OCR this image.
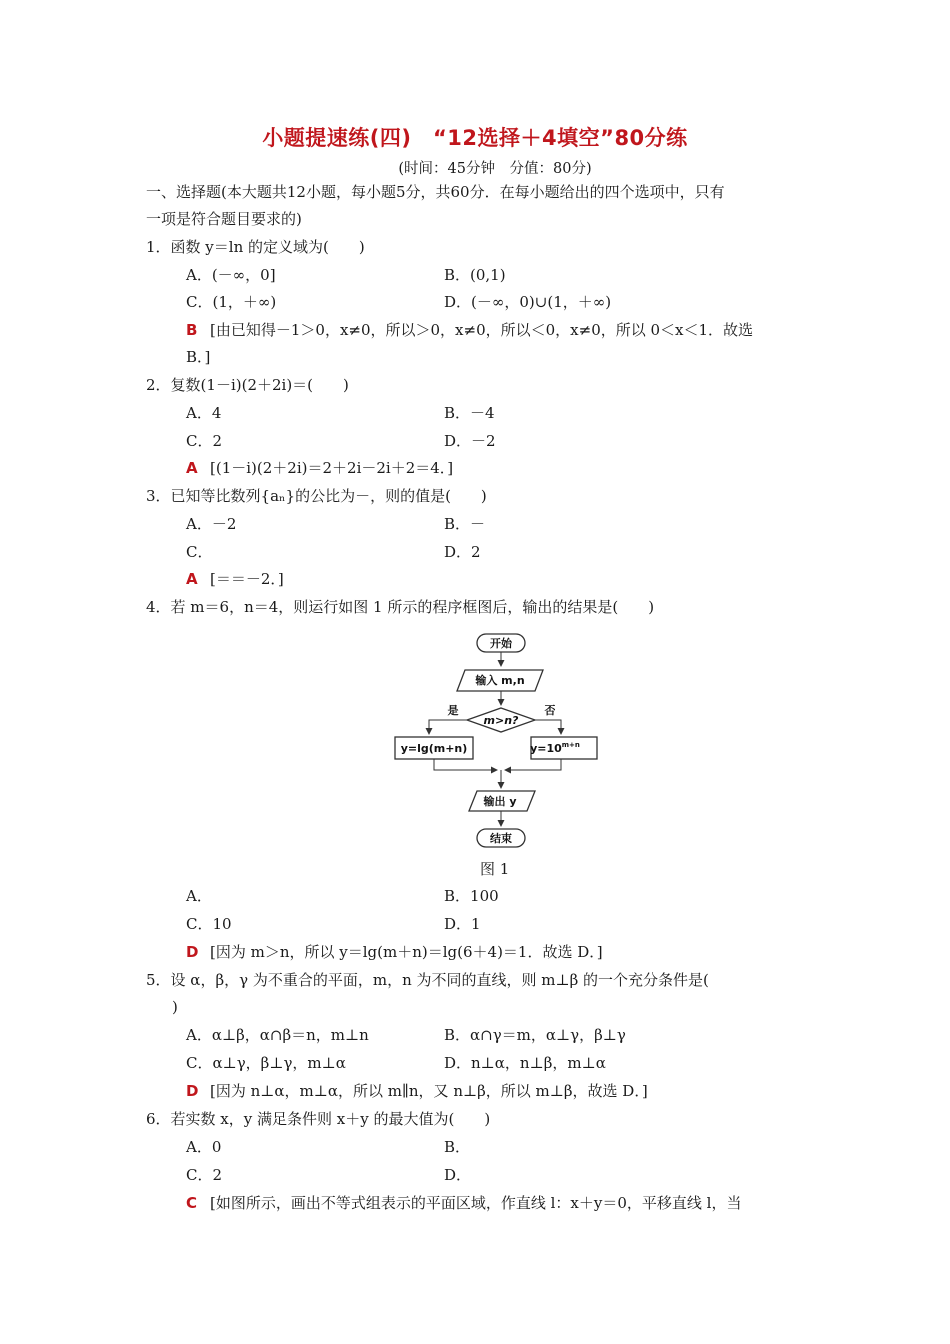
小题提速练(四)　“12选择＋4填空”80分练
(时间：45分钟　分值：80分)
一、选择题(本大题共12小题，每小题5分，共60分．在每小题给出的四个选项中，只有
一项是符合题目要求的)
1．函数 y＝ln 的定义域为(　　)
A．(－∞，0]	B．(0,1)
C．(1，＋∞)	D．(－∞，0)∪(1，＋∞)
B [由已知得－1＞0，x≠0，所以＞0，x≠0，所以＜0，x≠0，所以 0＜x＜1．故选
B．]
2．复数(1－i)(2＋2i)＝(　　)
A．4	B．－4
C．2	D．－2
A [(1－i)(2＋2i)＝2＋2i－2i＋2＝4．]
3．已知等比数列{aₙ}的公比为－，则的值是(　　)
A．－2	B．－
C．	D．2
A [＝＝－2．]
4．若 m＝6，n＝4，则运行如图 1 所示的程序框图后，输出的结果是(　　)
开始
输入 m,n
m>n?
是	否
y=lg(m+n)	$y=10^{m+n}$
输出 y
结束
图 1
A．	B．100
C．10	D．1
D [因为 m＞n，所以 y＝lg(m＋n)＝lg(6＋4)＝1．故选 D．]
5．设 α，β，γ 为不重合的平面，m，n 为不同的直线，则 m⊥β 的一个充分条件是(
)
A．α⊥β，α∩β＝n，m⊥n	B．α∩γ＝m，α⊥γ，β⊥γ
C．α⊥γ，β⊥γ，m⊥α	D．n⊥α，n⊥β，m⊥α
D [因为 n⊥α，m⊥α，所以 m∥n，又 n⊥β，所以 m⊥β，故选 D．]
6．若实数 x，y 满足条件则 x＋y 的最大值为(　　)
A．0	B．
C．2	D．
C [如图所示，画出不等式组表示的平面区域，作直线 l：x＋y＝0，平移直线 l，当
